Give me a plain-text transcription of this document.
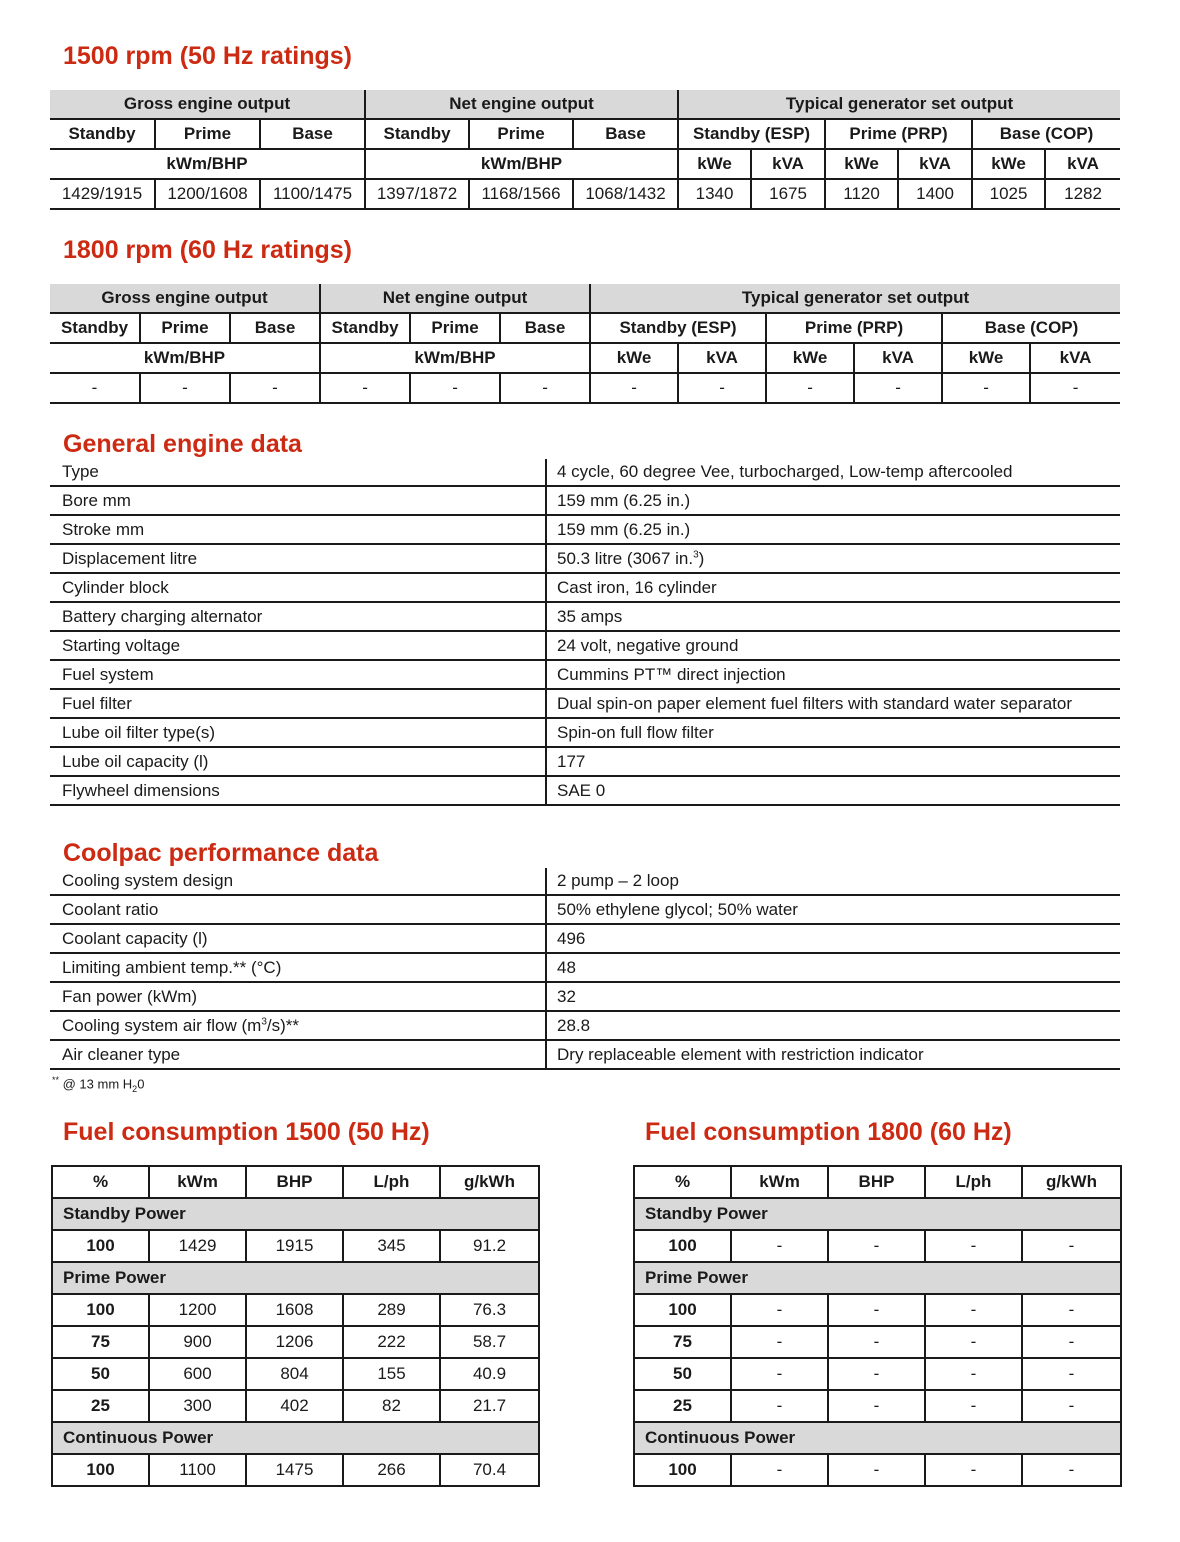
1500 rpm (50 Hz ratings)
Gross engine output			Net engine output			Typical generator set output					
Standby	Prime	Base	Standby	Prime	Base	Standby (ESP)		Prime (PRP)		Base (COP)	
kWm/BHP			kWm/BHP			kWe	kVA	kWe	kVA	kWe	kVA
1429/1915	1200/1608	1100/1475	1397/1872	1168/1566	1068/1432	1340	1675	1120	1400	1025	1282
1800 rpm (60 Hz ratings)
Gross engine output			Net engine output			Typical generator set output					
Standby	Prime	Base	Standby	Prime	Base	Standby (ESP)		Prime (PRP)		Base (COP)	
kWm/BHP			kWm/BHP			kWe	kVA	kWe	kVA	kWe	kVA
-	-	-	-	-	-	-	-	-	-	-	-
General engine data
Type	4 cycle, 60 degree Vee, turbocharged, Low-temp aftercooled
Bore mm	159 mm (6.25 in.)
Stroke mm	159 mm (6.25 in.)
Displacement litre	50.3 litre (3067 in.$^3$)
Cylinder block	Cast iron, 16 cylinder
Battery charging alternator	35 amps
Starting voltage	24 volt, negative ground
Fuel system	Cummins PT™ direct injection
Fuel filter	Dual spin-on paper element fuel filters with standard water separator
Lube oil filter type(s)	Spin-on full flow filter
Lube oil capacity (l)	177
Flywheel dimensions	SAE 0
Coolpac performance data
Cooling system design	2 pump – 2 loop
Coolant ratio	50% ethylene glycol; 50% water
Coolant capacity (l)	496
Limiting ambient temp.** (°C)	48
Fan power (kWm)	32
Cooling system air flow $(m^3/s)**$	28.8
Air cleaner type	Dry replaceable element with restriction indicator
** @ 13 mm $H_20$
Fuel consumption 1500 (50 Hz)
%	kWm	BHP	L/ph	g/kWh
Standby Power				
100	1429	1915	345	91.2
Prime Power				
100	1200	1608	289	76.3
75	900	1206	222	58.7
50	600	804	155	40.9
25	300	402	82	21.7
Continuous Power				
100	1100	1475	266	70.4
Fuel consumption 1800 (60 Hz)
%	kWm	BHP	L/ph	g/kWh
Standby Power				
100	-	-	-	-
Prime Power				
100	-	-	-	-
75	-	-	-	-
50	-	-	-	-
25	-	-	-	-
Continuous Power				
100	-	-	-	-
